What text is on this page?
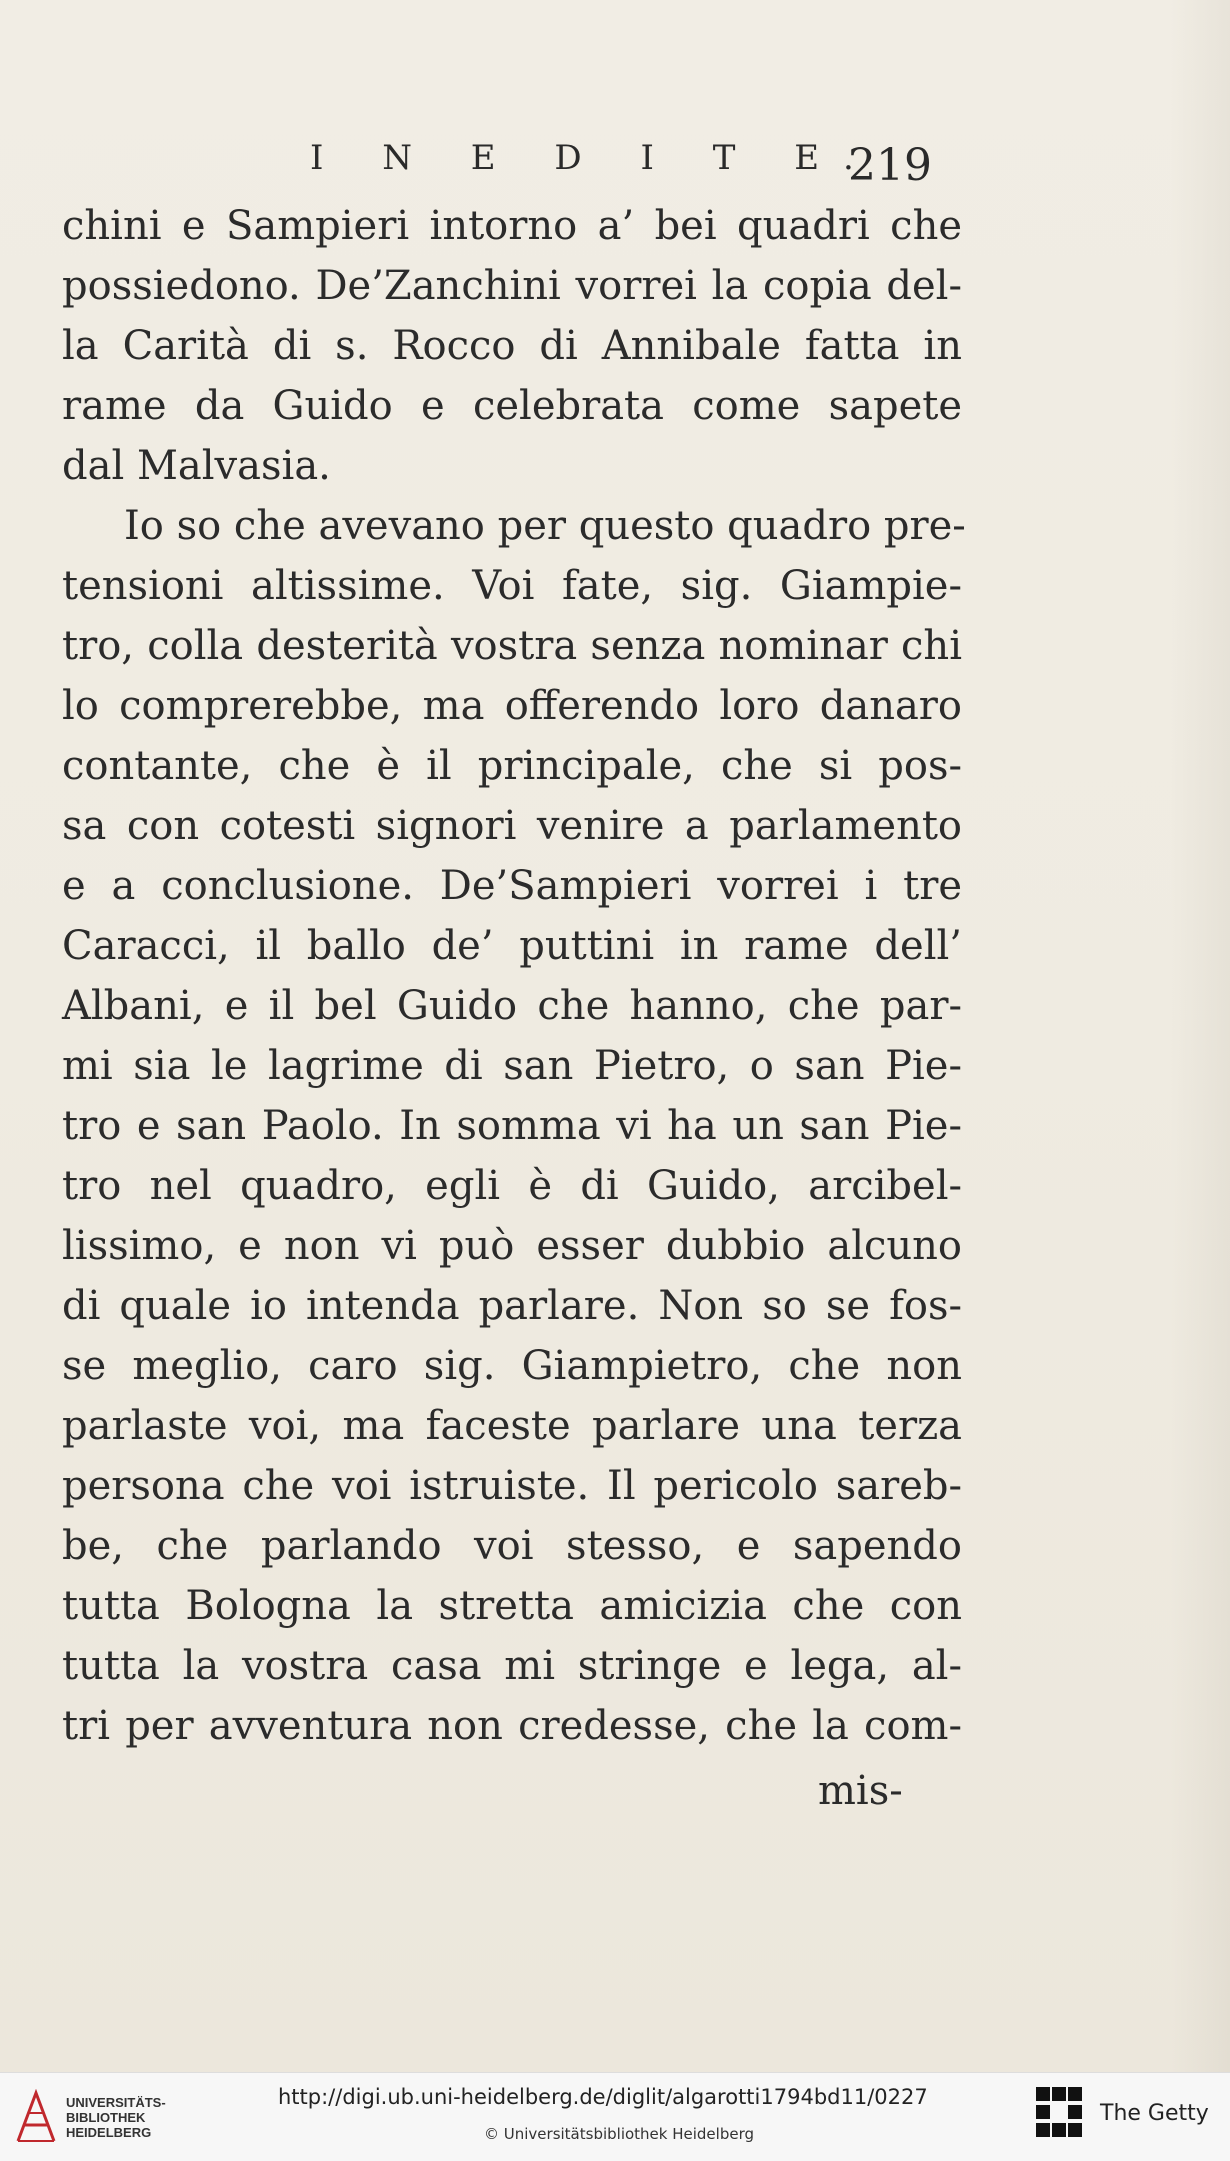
I N E D I T E.
219
chini e Sampieri intorno a’ bei quadri che
possiedono. De’Zanchini vorrei la copia del-
la Carità di s. Rocco di Annibale fatta in
rame da Guido e celebrata come sapete
dal Malvasia.
Io so che avevano per questo quadro pre-
tensioni altissime. Voi fate, sig. Giampie-
tro, colla desterità vostra senza nominar chi
lo comprerebbe, ma offerendo loro danaro
contante, che è il principale, che si pos-
sa con cotesti signori venire a parlamento
e a conclusione. De’Sampieri vorrei i tre
Caracci, il ballo de’ puttini in rame dell’
Albani, e il bel Guido che hanno, che par-
mi sia le lagrime di san Pietro, o san Pie-
tro e san Paolo. In somma vi ha un san Pie-
tro nel quadro, egli è di Guido, arcibel-
lissimo, e non vi può esser dubbio alcuno
di quale io intenda parlare. Non so se fos-
se meglio, caro sig. Giampietro, che non
parlaste voi, ma faceste parlare una terza
persona che voi istruiste. Il pericolo sareb-
be, che parlando voi stesso, e sapendo
tutta Bologna la stretta amicizia che con
tutta la vostra casa mi stringe e lega, al-
tri per avventura non credesse, che la com-
mis-
UNIVERSITÄTS-
BIBLIOTHEK
HEIDELBERG
http://digi.ub.uni-heidelberg.de/diglit/algarotti1794bd11/0227
© Universitätsbibliothek Heidelberg
The Getty
